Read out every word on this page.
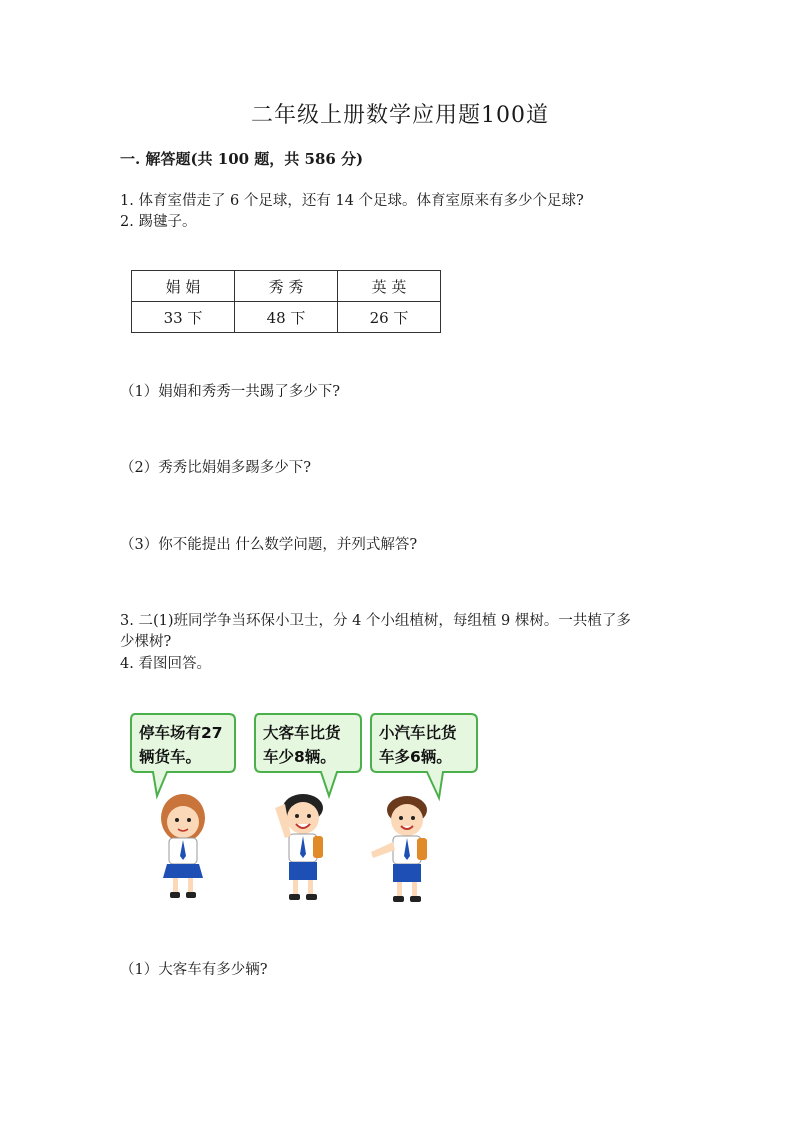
二年级上册数学应用题100道
一. 解答题(共 100 题，共 586 分)
1. 体育室借走了 6 个足球，还有 14 个足球。体育室原来有多少个足球?
2. 踢毽子。
娟 娟	秀 秀	英 英
33 下	48 下	26 下
（1）娟娟和秀秀一共踢了多少下?
（2）秀秀比娟娟多踢多少下?
（3）你不能提出 什么数学问题，并列式解答?
3. 二(1)班同学争当环保小卫士，分 4 个小组植树，每组植 9 棵树。一共植了多
少棵树?
4. 看图回答。
停车场有27
辆货车。
大客车比货
车少8辆。
小汽车比货
车多6辆。
（1）大客车有多少辆?
